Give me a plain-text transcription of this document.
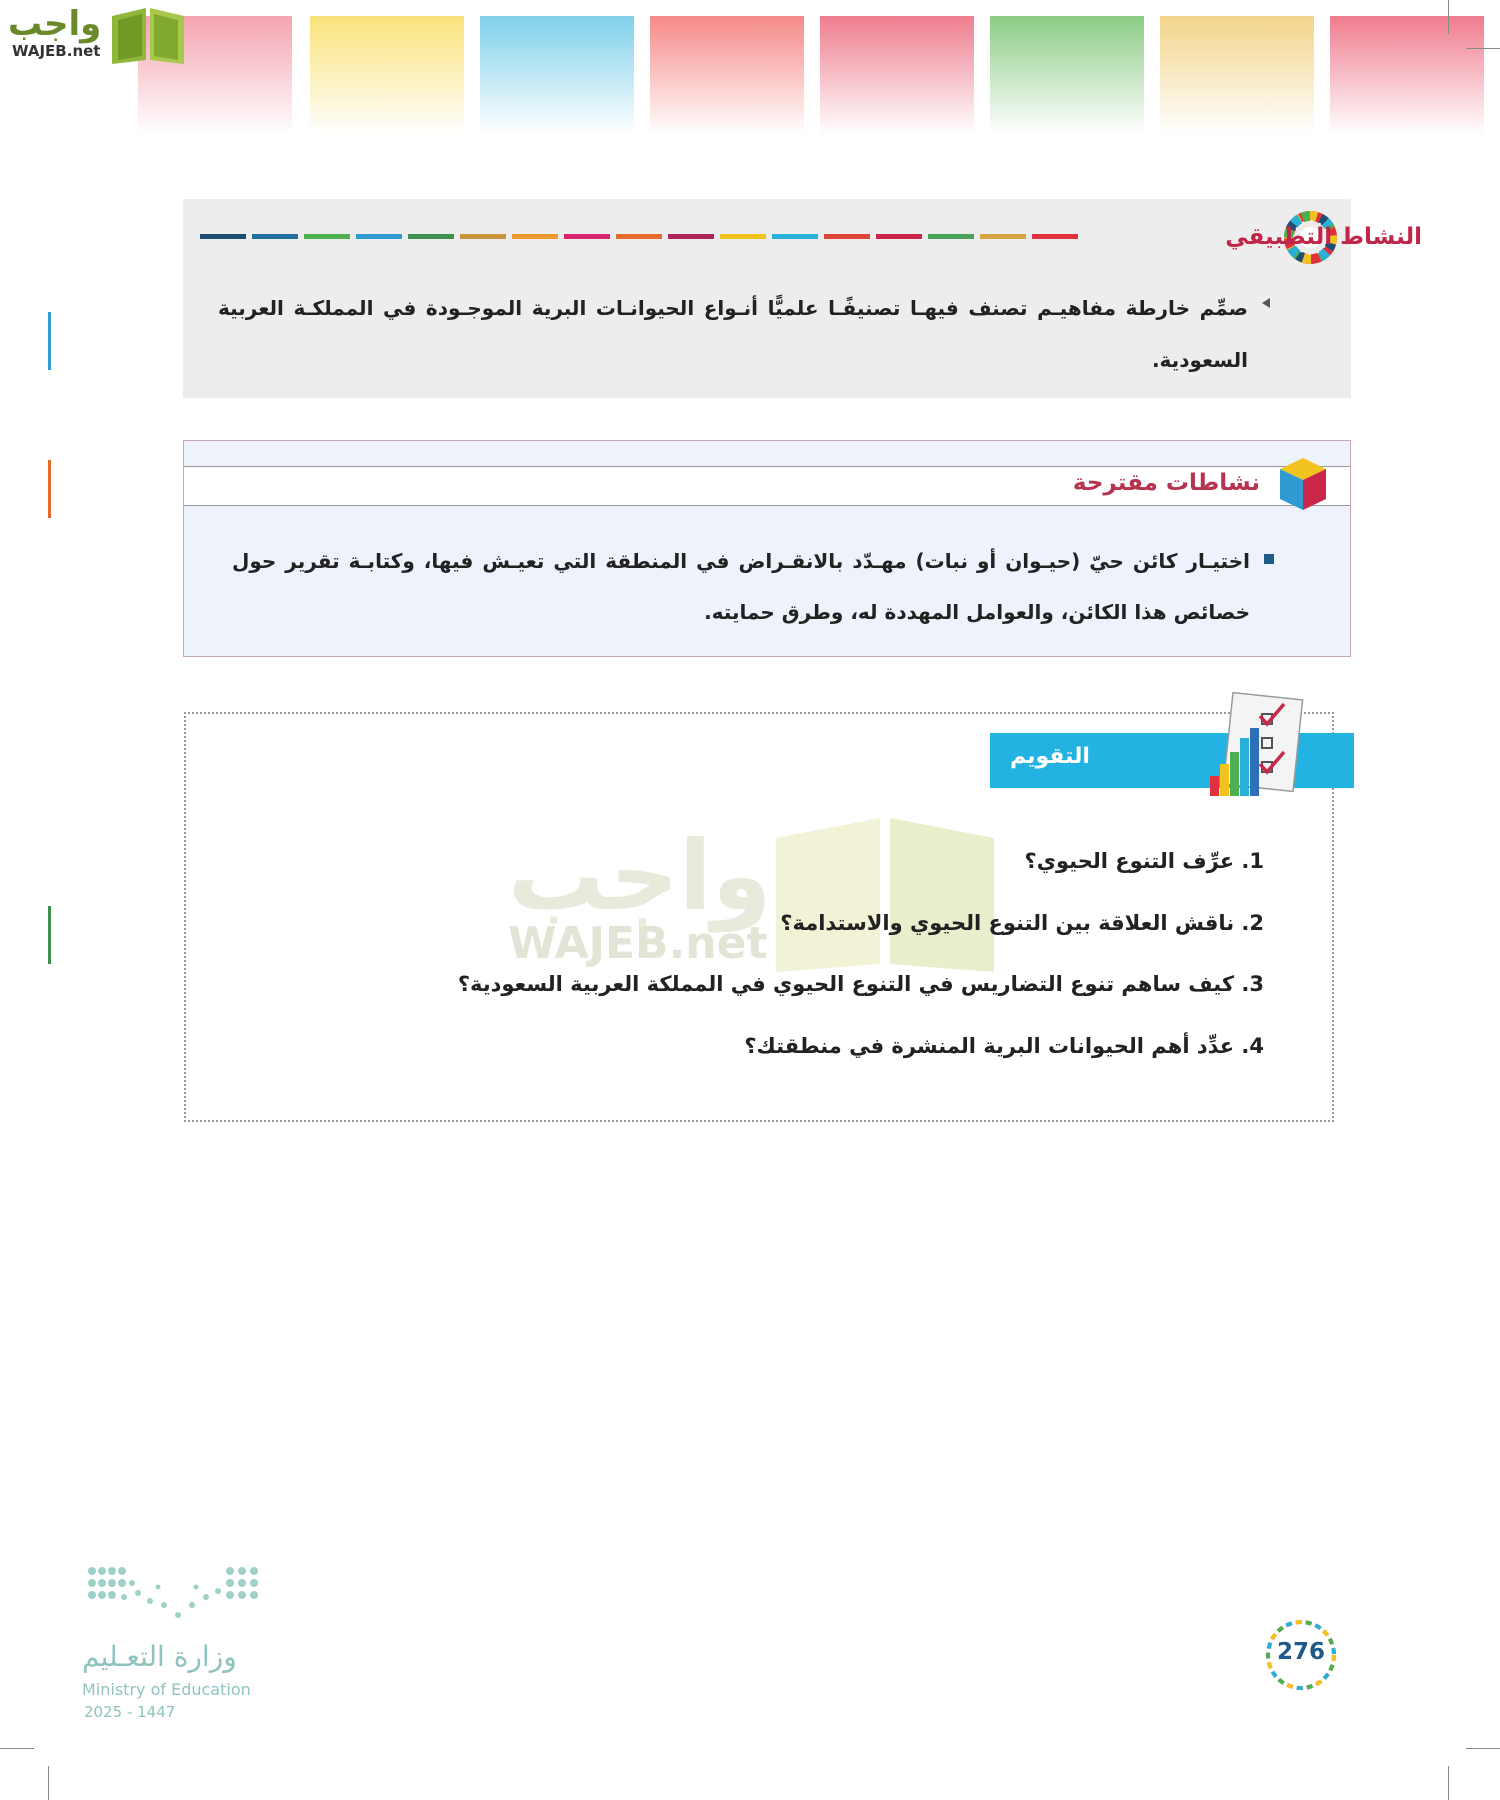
واجب
WAJEB.net
النشاط التطبيقي
صمِّم خارطة مفاهيـم تصنف فيهـا تصنيفًـا علميًّا أنـواع الحيوانـات البرية الموجـودة في المملكـة العربية السعودية.
نشاطات مقترحة
اختيـار كائن حيّ (حيـوان أو نبات) مهـدّد بالانقـراض في المنطقة التي تعيـش فيها، وكتابـة تقرير حول خصائص هذا الكائن، والعوامل المهددة له، وطرق حمايته.
واجب
WAJEB.net
التقويم
1. عرِّف التنوع الحيوي؟
2. ناقش العلاقة بين التنوع الحيوي والاستدامة؟
3. كيف ساهم تنوع التضاريس في التنوع الحيوي في المملكة العربية السعودية؟
4. عدِّد أهم الحيوانات البرية المنشرة في منطقتك؟
وزارة التعـليم
Ministry of Education
2025 - 1447
276
